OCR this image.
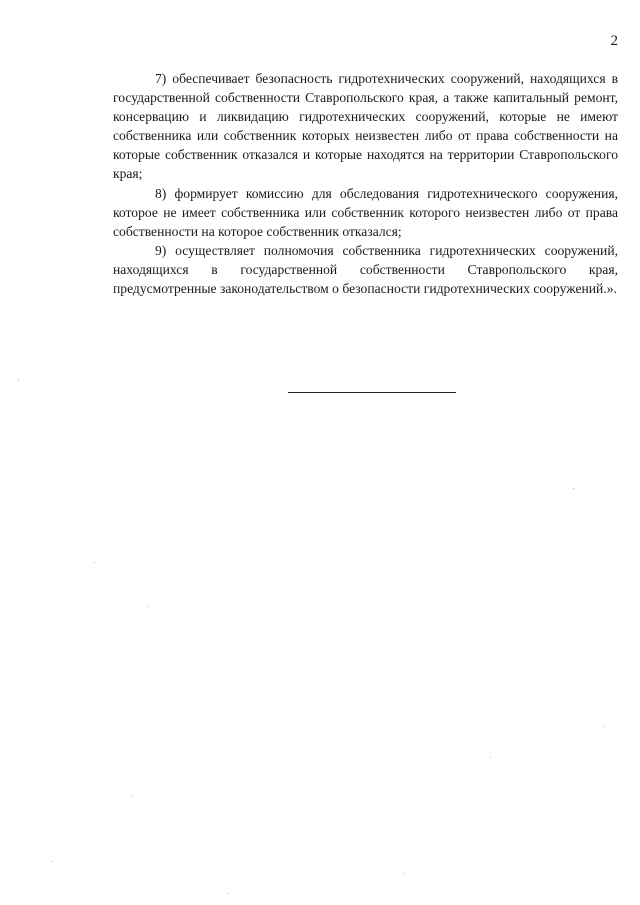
2

7) обеспечивает безопасность гидротехнических сооружений, находящихся в государственной собственности Ставропольского края, а также капитальный ремонт, консервацию и ликвидацию гидротехнических сооружений, которые не имеют собственника или собственник которых неизвестен либо от права собственности на которые собственник отказался и которые находятся на территории Ставропольского края;

8) формирует комиссию для обследования гидротехнического сооружения, которое не имеет собственника или собственник которого неизвестен либо от права собственности на которое собственник отказался;

9) осуществляет полномочия собственника гидротехнических сооружений, находящихся в государственной собственности Ставропольского края, предусмотренные законодательством о безопасности гидротехнических сооружений.».
